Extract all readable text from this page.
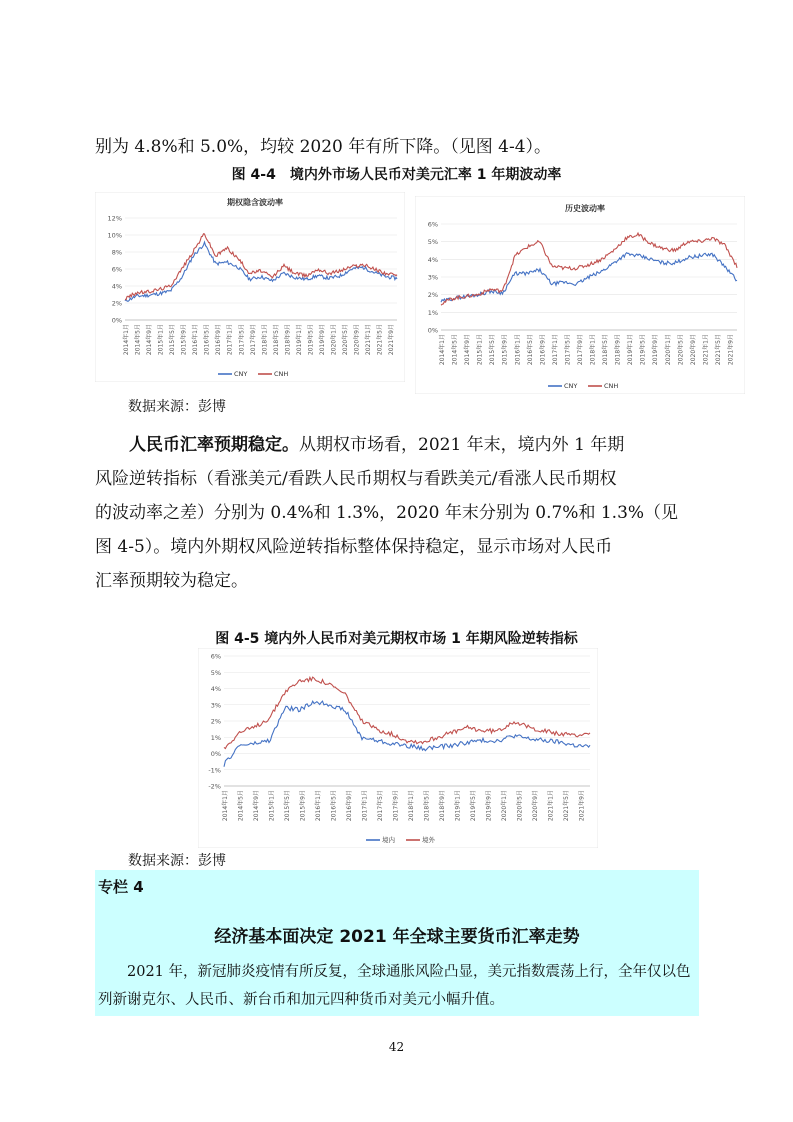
别为 4.8%和 5.0%，均较 2020 年有所下降。（见图 4-4）。

图 4-4　境内外市场人民币对美元汇率 1 年期波动率

期权隐含波动率
0%
2%
4%
6%
8%
10%
12%
2014年1月 2014年5月 2014年9月 2015年1月 2015年5月 2015年9月 2016年1月 2016年5月 2016年9月 2017年1月 2017年5月 2017年9月 2018年1月 2018年5月 2018年9月 2019年1月 2019年5月 2019年9月 2020年1月 2020年5月 2020年9月 2021年1月 2021年5月 2021年9月
CNY	CNH
历史波动率
0%
1%
2%
3%
4%
5%
6%
2014年1月 2014年5月 2014年9月 2015年1月 2015年5月 2015年9月 2016年1月 2016年5月 2016年9月 2017年1月 2017年5月 2017年9月 2018年1月 2018年5月 2018年9月 2019年1月 2019年5月 2019年9月 2020年1月 2020年5月 2020年9月 2021年1月 2021年5月 2021年9月
CNY	CNH

数据来源：彭博

人民币汇率预期稳定。从期权市场看，2021 年末，境内外 1 年期

风险逆转指标（看涨美元/看跌人民币期权与看跌美元/看涨人民币期权

的波动率之差）分别为 0.4%和 1.3%，2020 年末分别为 0.7%和 1.3%（见

图 4-5）。境内外期权风险逆转指标整体保持稳定，显示市场对人民币

汇率预期较为稳定。

图 4-5 境内外人民币对美元期权市场 1 年期风险逆转指标

-2%
-1%
0%
1%
2%
3%
4%
5%
6%
2014年1月 2014年5月 2014年9月 2015年1月 2015年5月 2015年9月 2016年1月 2016年5月 2016年9月 2017年1月 2017年5月 2017年9月 2018年1月 2018年5月 2018年9月 2019年1月 2019年5月 2019年9月 2020年1月 2020年5月 2020年9月 2021年1月 2021年5月 2021年9月
境内	境外

数据来源：彭博

专栏 4

经济基本面决定 2021 年全球主要货币汇率走势

2021 年，新冠肺炎疫情有所反复，全球通胀风险凸显，美元指数震荡上行，全年仅以色列新谢克尔、人民币、新台币和加元四种货币对美元小幅升值。

42
